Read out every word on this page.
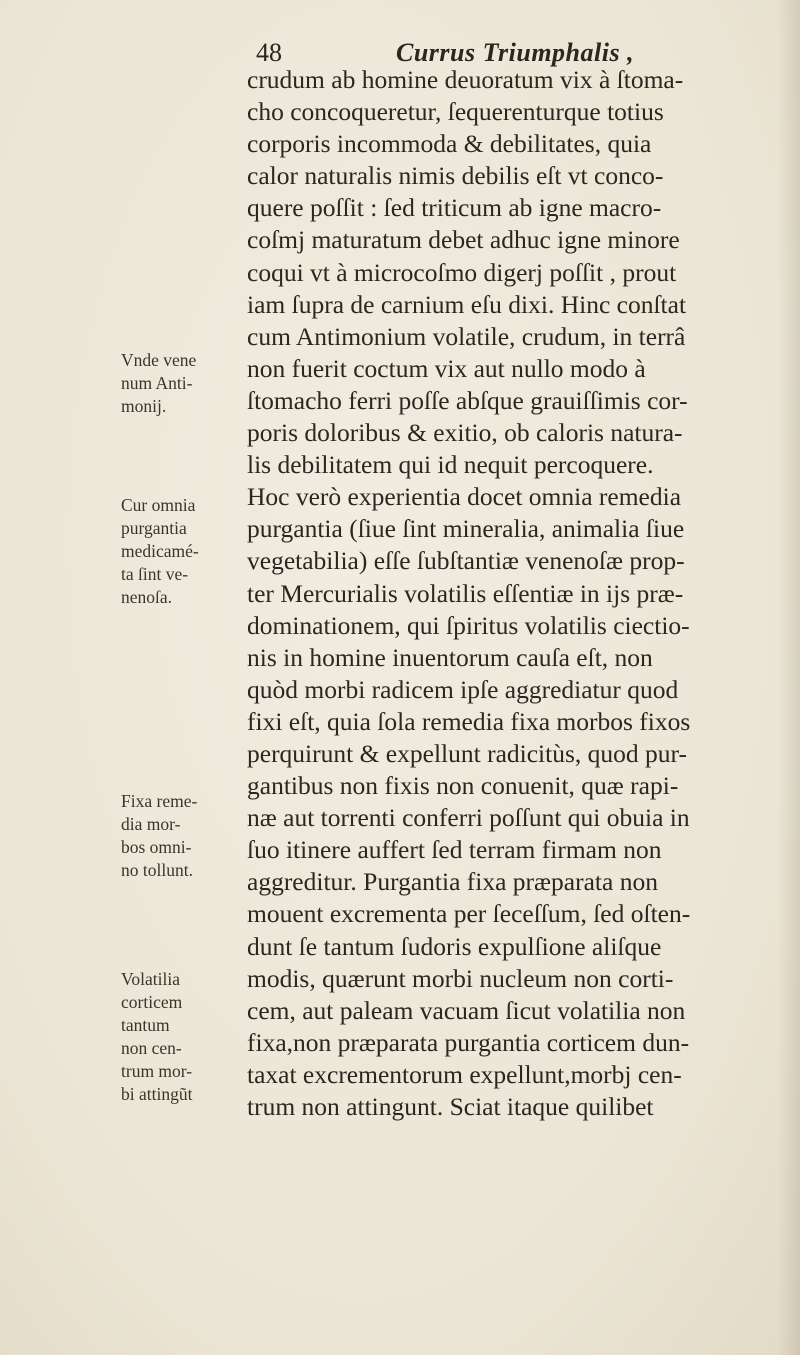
48	Currus Triumphalis ,
crudum ab homine deuoratum vix à ſtoma-
cho concoqueretur, ſequerenturque totius
corporis incommoda & debilitates, quia
calor naturalis nimis debilis eſt vt conco-
quere poſſit : ſed triticum ab igne macro-
coſmj maturatum debet adhuc igne minore
coqui vt à microcoſmo digerj poſſit , prout
iam ſupra de carnium eſu dixi. Hinc conſtat
cum Antimonium volatile, crudum, in terrâ
non fuerit coctum vix aut nullo modo à
ſtomacho ferri poſſe abſque grauiſſimis cor-
poris doloribus & exitio, ob caloris natura-
lis debilitatem qui id nequit percoquere.
Hoc verò experientia docet omnia remedia
purgantia (ſiue ſint mineralia, animalia ſiue
vegetabilia) eſſe ſubſtantiæ venenoſæ prop-
ter Mercurialis volatilis eſſentiæ in ijs præ-
dominationem, qui ſpiritus volatilis ciectio-
nis in homine inuentorum cauſa eſt, non
quòd morbi radicem ipſe aggrediatur quod
fixi eſt, quia ſola remedia fixa morbos fixos
perquirunt & expellunt radicitùs, quod pur-
gantibus non fixis non conuenit, quæ rapi-
næ aut torrenti conferri poſſunt qui obuia in
ſuo itinere auffert ſed terram firmam non
aggreditur. Purgantia fixa præparata non
mouent excrementa per ſeceſſum, ſed oſten-
dunt ſe tantum ſudoris expulſione aliſque
modis, quærunt morbi nucleum non corti-
cem, aut paleam vacuam ſicut volatilia non
fixa,non præparata purgantia corticem dun-
taxat excrementorum expellunt,morbj cen-
trum non attingunt. Sciat itaque quilibet
Vnde vene
num Anti-
monij.
Cur omnia
purgantia
medicamé-
ta ſint ve-
nenoſa.
Fixa reme-
dia mor-
bos omni-
no tollunt.
Volatilia
corticem
tantum
non cen-
trum mor-
bi attingũt
